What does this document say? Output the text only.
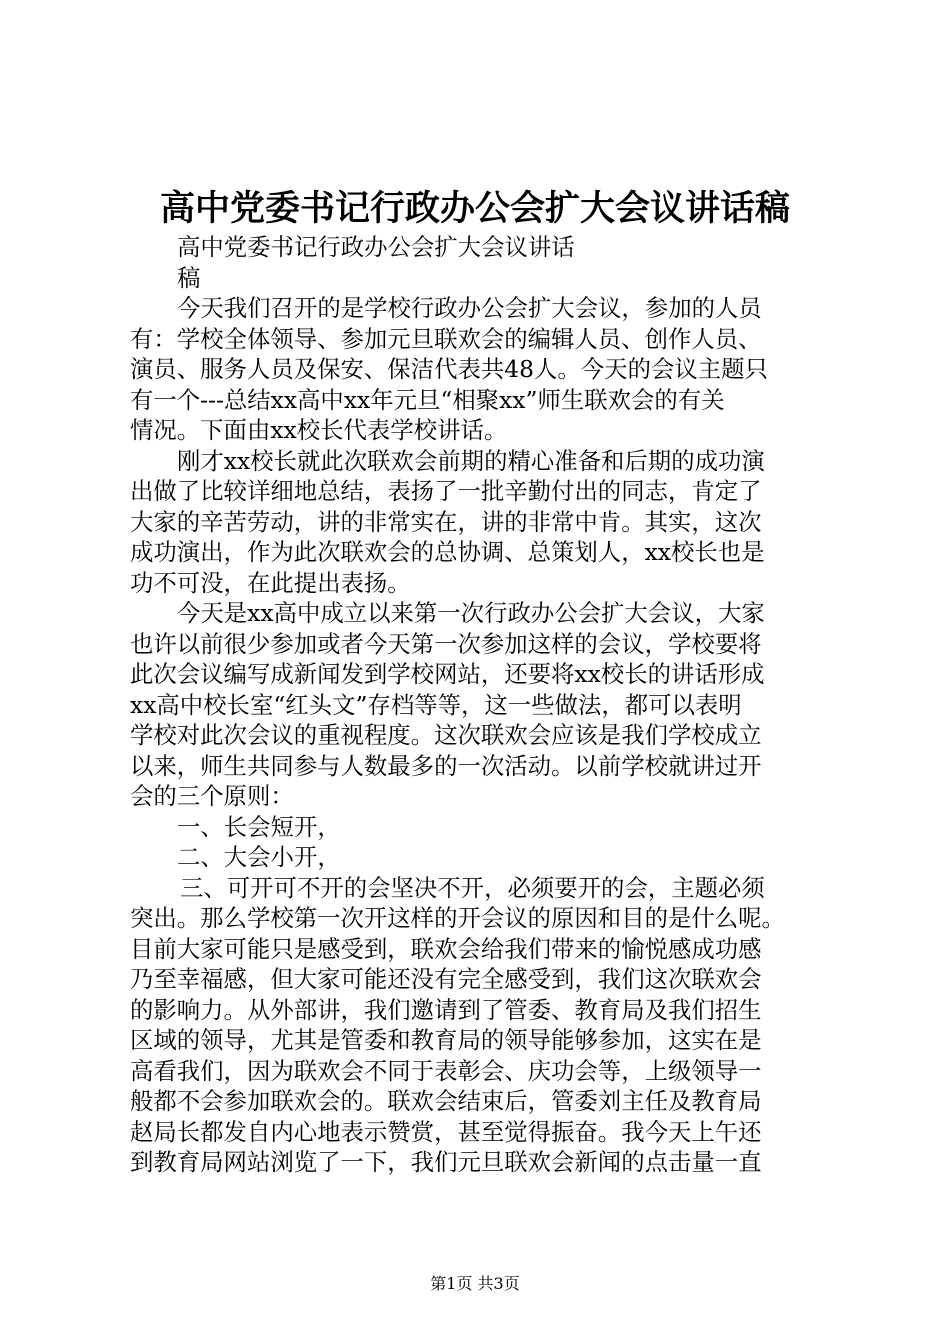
高中党委书记行政办公会扩大会议讲话稿
高中党委书记行政办公会扩大会议讲话
稿
今天我们召开的是学校行政办公会扩大会议，参加的人员
有：学校全体领导、参加元旦联欢会的编辑人员、创作人员、
演员、服务人员及保安、保洁代表共48人。今天的会议主题只
有一个---总结xx高中xx年元旦“相聚xx”师生联欢会的有关
情况。下面由xx校长代表学校讲话。
刚才xx校长就此次联欢会前期的精心准备和后期的成功演
出做了比较详细地总结，表扬了一批辛勤付出的同志，肯定了
大家的辛苦劳动，讲的非常实在，讲的非常中肯。其实，这次
成功演出，作为此次联欢会的总协调、总策划人，xx校长也是
功不可没，在此提出表扬。
今天是xx高中成立以来第一次行政办公会扩大会议，大家
也许以前很少参加或者今天第一次参加这样的会议，学校要将
此次会议编写成新闻发到学校网站，还要将xx校长的讲话形成
xx高中校长室“红头文”存档等等，这一些做法，都可以表明
学校对此次会议的重视程度。这次联欢会应该是我们学校成立
以来，师生共同参与人数最多的一次活动。以前学校就讲过开
会的三个原则：
一、长会短开，
二、大会小开，
三、可开可不开的会坚决不开，必须要开的会，主题必须
突出。那么学校第一次开这样的开会议的原因和目的是什么呢。
目前大家可能只是感受到，联欢会给我们带来的愉悦感成功感
乃至幸福感，但大家可能还没有完全感受到，我们这次联欢会
的影响力。从外部讲，我们邀请到了管委、教育局及我们招生
区域的领导，尤其是管委和教育局的领导能够参加，这实在是
高看我们，因为联欢会不同于表彰会、庆功会等，上级领导一
般都不会参加联欢会的。联欢会结束后，管委刘主任及教育局
赵局长都发自内心地表示赞赏，甚至觉得振奋。我今天上午还
到教育局网站浏览了一下，我们元旦联欢会新闻的点击量一直
第1页 共3页
